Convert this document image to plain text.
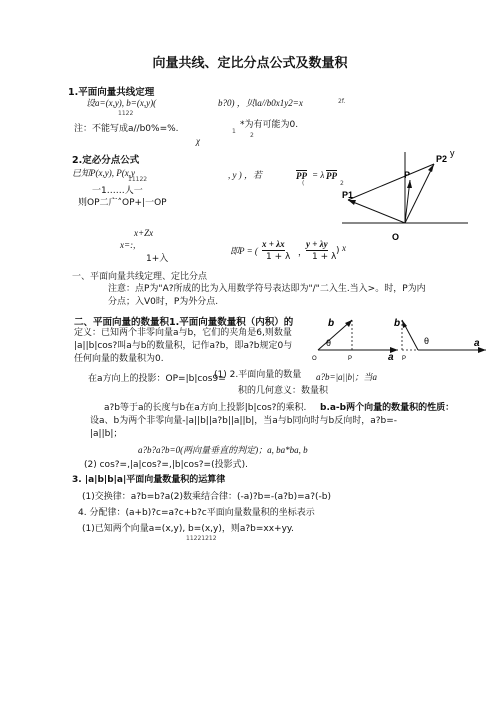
向量共线、定比分点公式及数量积
1.平面向量共线定理
设a=(x,y), b=(x,y)(	b?0) ，贝‖a//b0x1y2=x	2f.
1122
注：不能写成a//b0%=%.	*为有可能为0.
1
2
χ
2.定必分点公式
已知P(x,y), P(x,y
11122	, y ) ，若	PP = λ PP
2
(
一1……人一
则OP二广˄OP+|一OP
x+Zx
x=:,
1+入
即P = (
x + λx
1 + λ ，
y + λy
1 + λ
) x
y
P2
P
P1
O
一、平面向量共线定理、定比分点
注意：点P为"A?所成的比为入用数学符号表达即为"/"二入生.当入>。时，P为内
分点；入V0时，P为外分点.
二、平面向量的数量积1.平面向量数量积（内积）的
定义：已知两个非零向量a与b，它们的夹角是6,则数量
|a||b|cos?叫a与b的数量积，记作a?b，即a?b规定0与
任何向量的数量积为0.
b
θ
a
O	P
b
θ	a
P
在a方向上的投影：OP=|b|cos9=
(1) 2.平面向量的数量 a?b=|a||b|；当a
积的几何意义：数量积
a?b等于a的长度与b在a方向上投影|b|cos?的乘积. b.a-b两个向量的数量积的性质：
设a、b为两个非零向量-|a||b||a?b||a||b|，当a与b同向时与b反向时，a?b=-
|a||b|；
a?b?a?b=0(两向量垂直的判定)；a, ba*ba, b
(2) cos?=,|a|cos?=,|b|cos?=(投影式).
3. |a|b|b|a|平面向量数量积的运算律
(1)交换律：a?b=b?a(2)数乘结合律：(-a)?b=-(a?b)=a?(-b)
4. 分配律：(a+b)?c=a?c+b?c平面向量数量积的坐标表示
(1)已知两个向量a=(x,y), b=(x,y)，则a?b=xx+yy.
11221212
